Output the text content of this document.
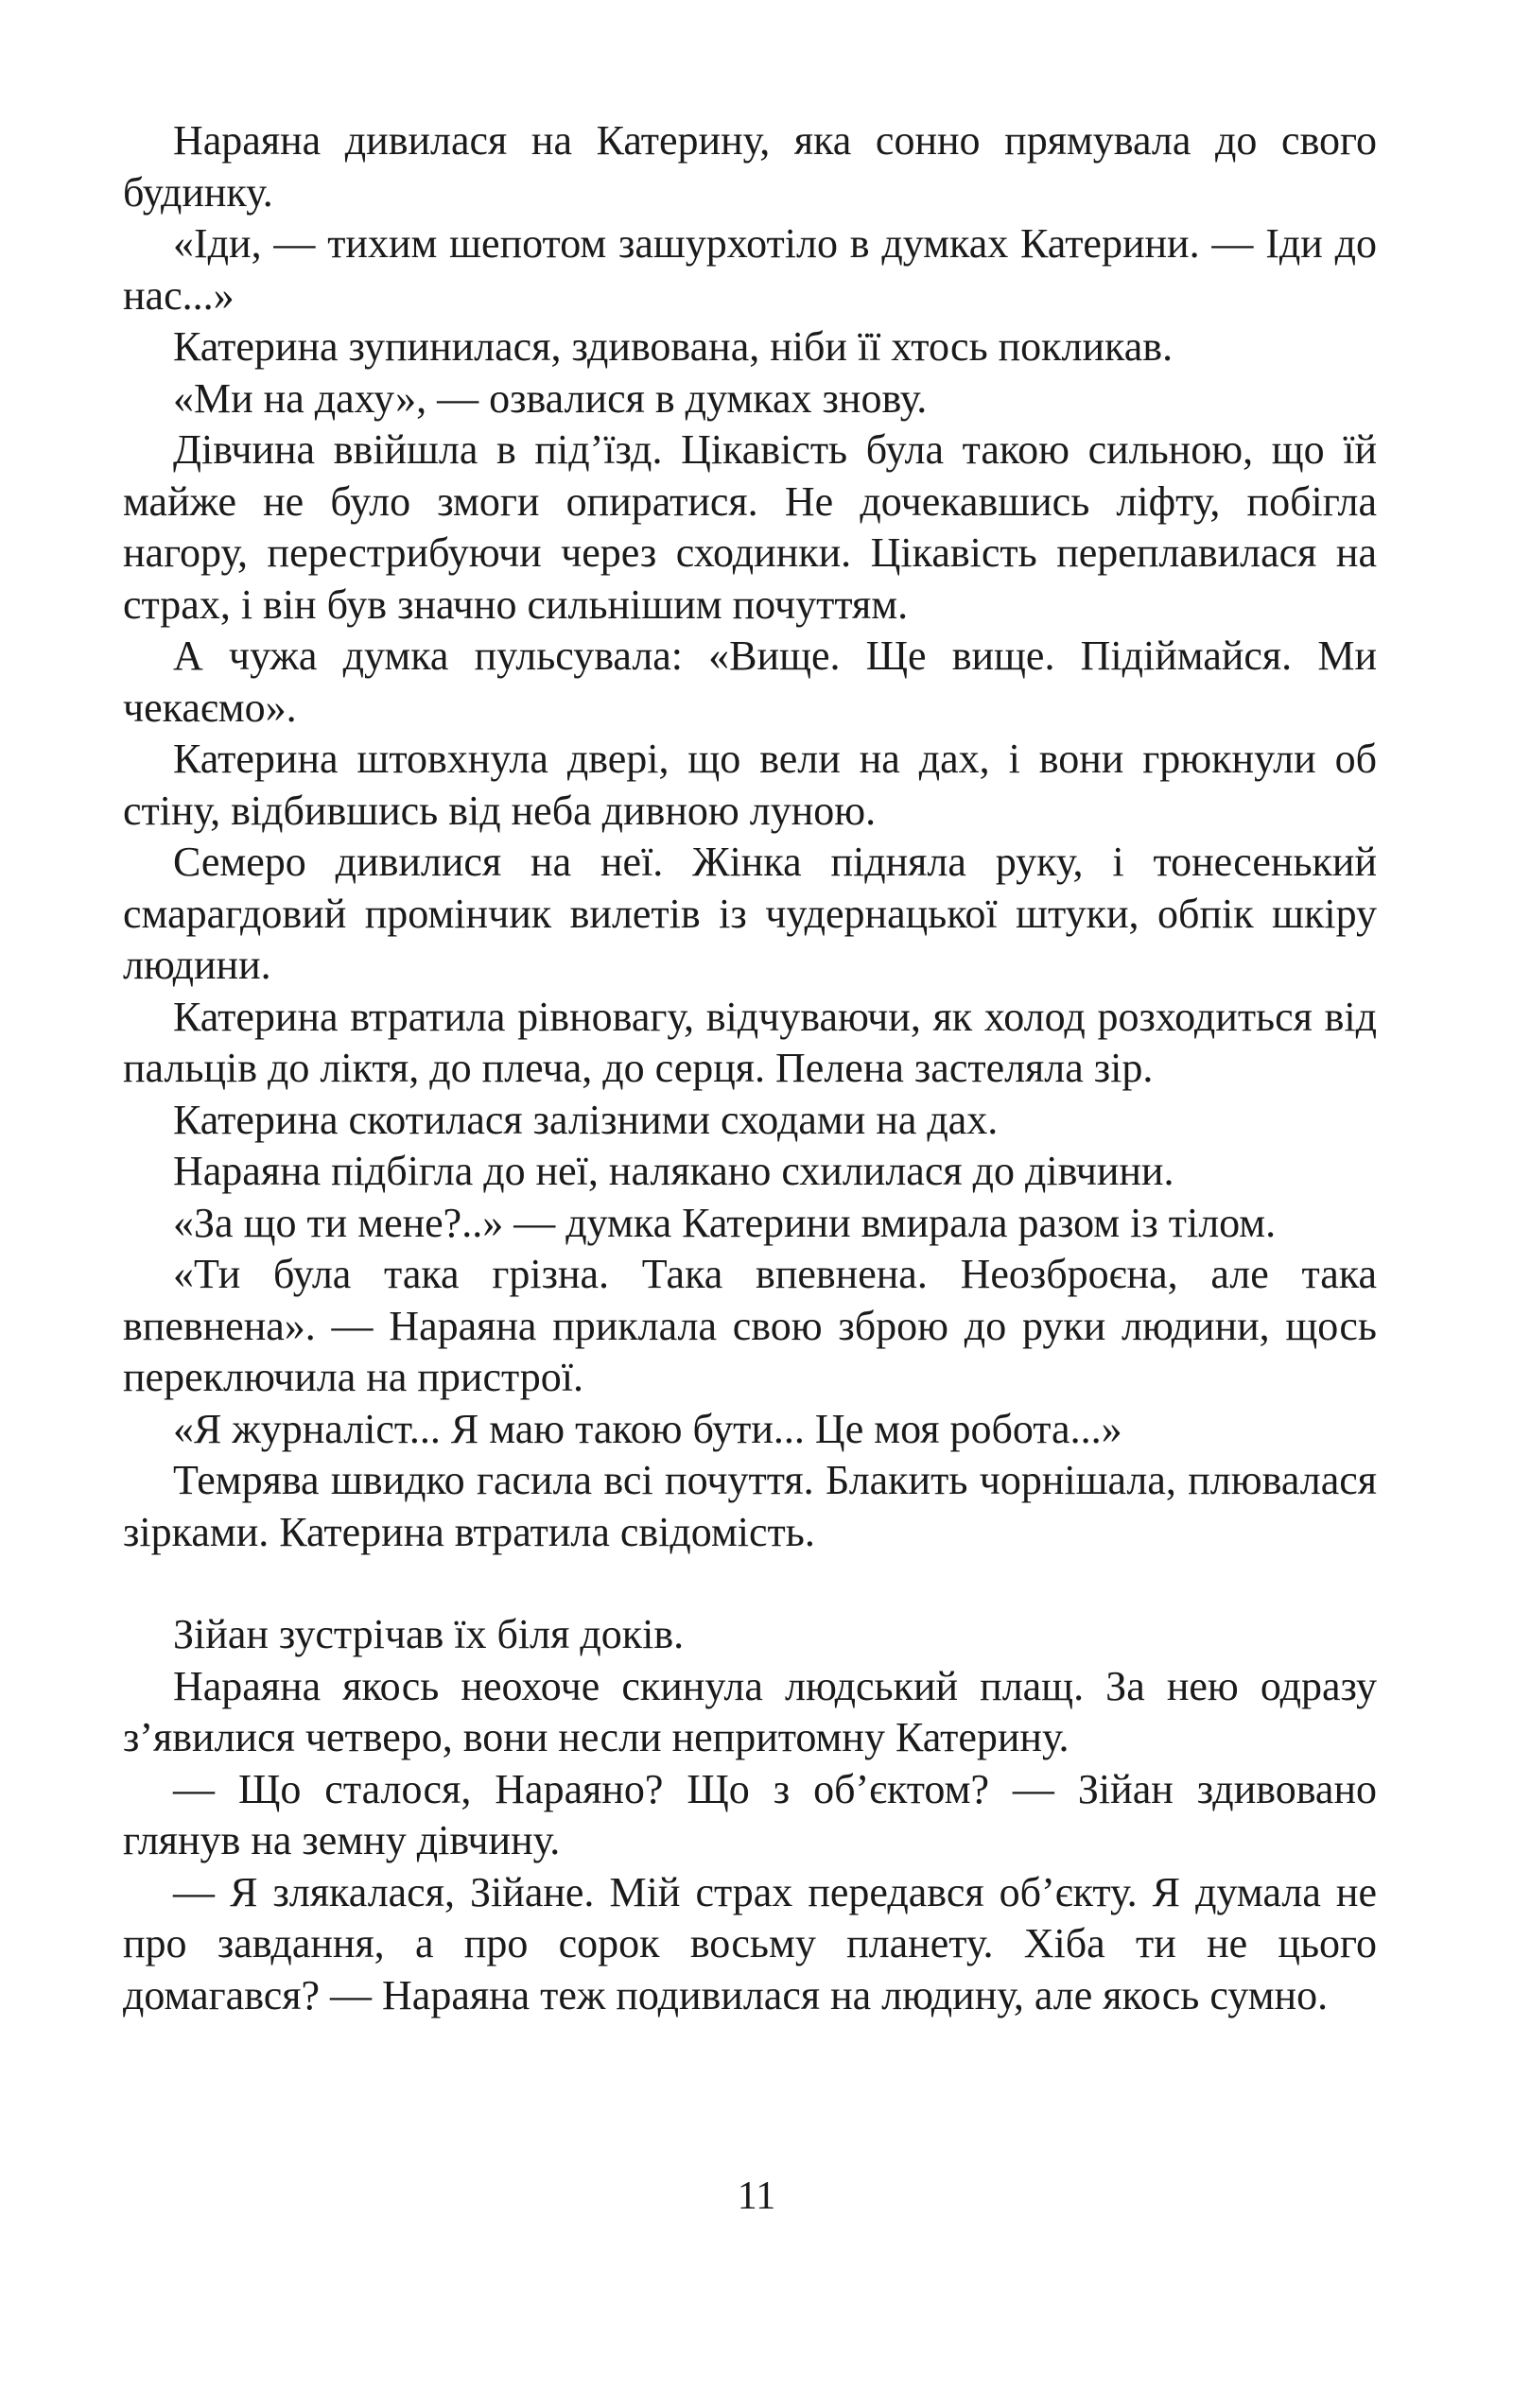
Нараяна дивилася на Катерину, яка сонно прямувала до свого будинку.

«Іди, — тихим шепотом зашурхотіло в думках Катерини. — Іди до нас...»

Катерина зупинилася, здивована, ніби її хтось покликав.

«Ми на даху», — озвалися в думках знову.

Дівчина ввійшла в під’їзд. Цікавість була такою сильною, що їй майже не було змоги опиратися. Не дочекавшись ліфту, побігла нагору, перестрибуючи через сходинки. Цікавість переплавилася на страх, і він був значно сильнішим почуттям.

А чужа думка пульсувала: «Вище. Ще вище. Підіймайся. Ми чекаємо».

Катерина штовхнула двері, що вели на дах, і вони грюкнули об стіну, відбившись від неба дивною луною.

Семеро дивилися на неї. Жінка підняла руку, і тонесенький смарагдовий промінчик вилетів із чудернацької штуки, обпік шкіру людини.

Катерина втратила рівновагу, відчуваючи, як холод розходиться від пальців до ліктя, до плеча, до серця. Пелена застеляла зір.

Катерина скотилася залізними сходами на дах.

Нараяна підбігла до неї, налякано схилилася до дівчини.

«За що ти мене?..» — думка Катерини вмирала разом із тілом.

«Ти була така грізна. Така впевнена. Неозброєна, але така впевнена». — Нараяна приклала свою зброю до руки людини, щось переключила на пристрої.

«Я журналіст... Я маю такою бути... Це моя робота...»

Темрява швидко гасила всі почуття. Блакить чорнішала, плювалася зірками. Катерина втратила свідомість.

Зійан зустрічав їх біля доків.

Нараяна якось неохоче скинула людський плащ. За нею одразу з’явилися четверо, вони несли непритомну Катерину.

— Що сталося, Нараяно? Що з об’єктом? — Зійан здивовано глянув на земну дівчину.

— Я злякалася, Зійане. Мій страх передався об’єкту. Я думала не про завдання, а про сорок восьму планету. Хіба ти не цього домагався? — Нараяна теж подивилася на людину, але якось сумно.

11
